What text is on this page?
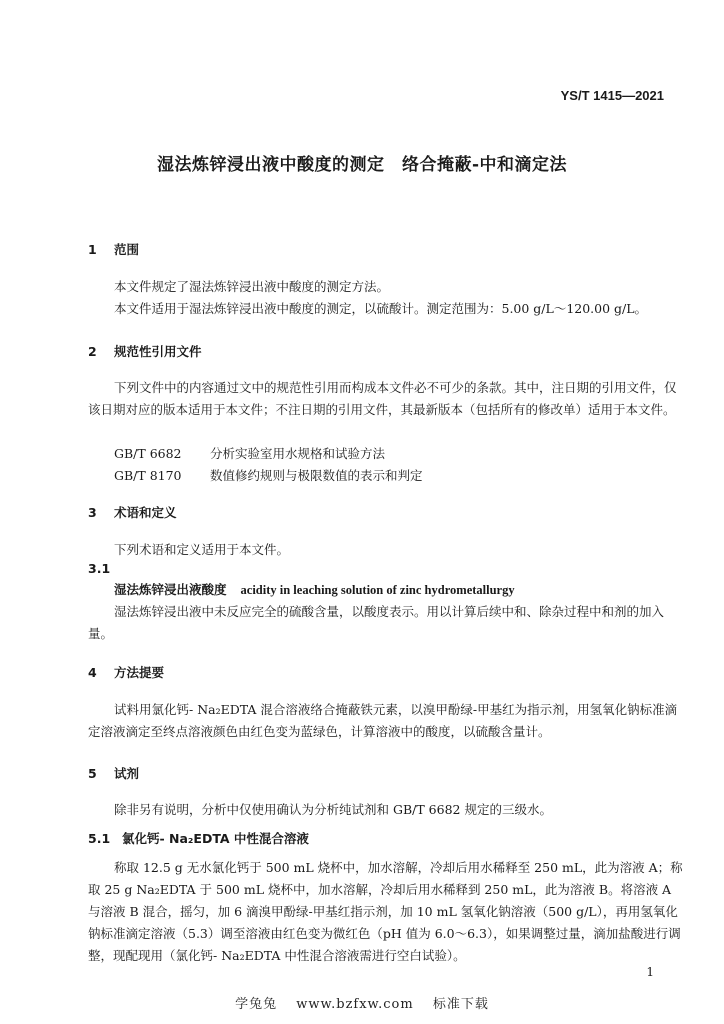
YS/T 1415—2021
湿法炼锌浸出液中酸度的测定　络合掩蔽-中和滴定法
1 范围
本文件规定了湿法炼锌浸出液中酸度的测定方法。
本文件适用于湿法炼锌浸出液中酸度的测定，以硫酸计。测定范围为：5.00 g/L～120.00 g/L。
2 规范性引用文件
下列文件中的内容通过文中的规范性引用而构成本文件必不可少的条款。其中，注日期的引用文件，仅该日期对应的版本适用于本文件；不注日期的引用文件，其最新版本（包括所有的修改单）适用于本文件。
GB/T 6682 分析实验室用水规格和试验方法
GB/T 8170 数值修约规则与极限数值的表示和判定
3 术语和定义
下列术语和定义适用于本文件。
3.1
湿法炼锌浸出液酸度 acidity in leaching solution of zinc hydrometallurgy
湿法炼锌浸出液中未反应完全的硫酸含量，以酸度表示。用以计算后续中和、除杂过程中和剂的加入量。
4 方法提要
试料用氯化钙- Na₂EDTA 混合溶液络合掩蔽铁元素，以溴甲酚绿-甲基红为指示剂，用氢氧化钠标准滴定溶液滴定至终点溶液颜色由红色变为蓝绿色，计算溶液中的酸度，以硫酸含量计。
5 试剂
除非另有说明，分析中仅使用确认为分析纯试剂和 GB/T 6682 规定的三级水。
5.1 氯化钙- Na₂EDTA 中性混合溶液
称取 12.5 g 无水氯化钙于 500 mL 烧杯中，加水溶解，冷却后用水稀释至 250 mL，此为溶液 A；称取 25 g Na₂EDTA 于 500 mL 烧杯中，加水溶解，冷却后用水稀释到 250 mL，此为溶液 B。将溶液 A 与溶液 B 混合，摇匀，加 6 滴溴甲酚绿-甲基红指示剂，加 10 mL 氢氧化钠溶液（500 g/L），再用氢氧化钠标准滴定溶液（5.3）调至溶液由红色变为微红色（pH 值为 6.0～6.3），如果调整过量，滴加盐酸进行调整，现配现用（氯化钙- Na₂EDTA 中性混合溶液需进行空白试验）。
1
学兔兔　 www.bzfxw.com 　标准下载
